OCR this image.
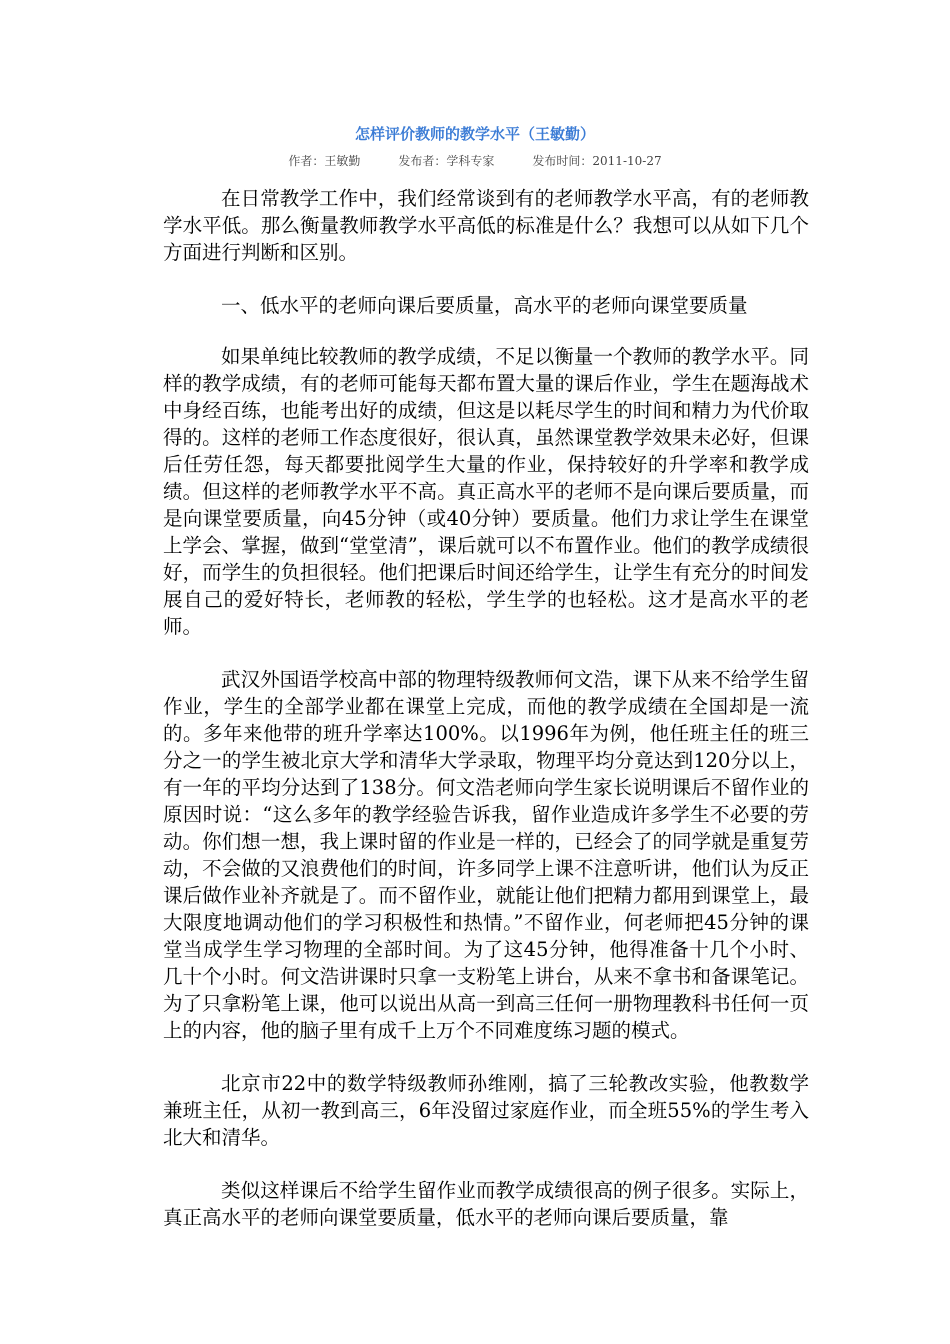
怎样评价教师的教学水平（王敏勤）
作者：王敏勤	发布者：学科专家	发布时间：2011-10-27

在日常教学工作中，我们经常谈到有的老师教学水平高，有的老师教学水平低。那么衡量教师教学水平高低的标准是什么？我想可以从如下几个方面进行判断和区别。

一、低水平的老师向课后要质量，高水平的老师向课堂要质量

如果单纯比较教师的教学成绩，不足以衡量一个教师的教学水平。同样的教学成绩，有的老师可能每天都布置大量的课后作业，学生在题海战术中身经百练，也能考出好的成绩，但这是以耗尽学生的时间和精力为代价取得的。这样的老师工作态度很好，很认真，虽然课堂教学效果未必好，但课后任劳任怨，每天都要批阅学生大量的作业，保持较好的升学率和教学成绩。但这样的老师教学水平不高。真正高水平的老师不是向课后要质量，而是向课堂要质量，向45分钟（或40分钟）要质量。他们力求让学生在课堂上学会、掌握，做到“堂堂清”，课后就可以不布置作业。他们的教学成绩很好，而学生的负担很轻。他们把课后时间还给学生，让学生有充分的时间发展自己的爱好特长，老师教的轻松，学生学的也轻松。这才是高水平的老师。

武汉外国语学校高中部的物理特级教师何文浩，课下从来不给学生留作业，学生的全部学业都在课堂上完成，而他的教学成绩在全国却是一流的。多年来他带的班升学率达100%。以1996年为例，他任班主任的班三分之一的学生被北京大学和清华大学录取，物理平均分竟达到120分以上，有一年的平均分达到了138分。何文浩老师向学生家长说明课后不留作业的原因时说：“这么多年的教学经验告诉我，留作业造成许多学生不必要的劳动。你们想一想，我上课时留的作业是一样的，已经会了的同学就是重复劳动，不会做的又浪费他们的时间，许多同学上课不注意听讲，他们认为反正课后做作业补齐就是了。而不留作业，就能让他们把精力都用到课堂上，最大限度地调动他们的学习积极性和热情。”不留作业，何老师把45分钟的课堂当成学生学习物理的全部时间。为了这45分钟，他得准备十几个小时、几十个小时。何文浩讲课时只拿一支粉笔上讲台，从来不拿书和备课笔记。为了只拿粉笔上课，他可以说出从高一到高三任何一册物理教科书任何一页上的内容，他的脑子里有成千上万个不同难度练习题的模式。

北京市22中的数学特级教师孙维刚，搞了三轮教改实验，他教数学兼班主任，从初一教到高三，6年没留过家庭作业，而全班55%的学生考入北大和清华。

类似这样课后不给学生留作业而教学成绩很高的例子很多。实际上，真正高水平的老师向课堂要质量，低水平的老师向课后要质量，靠
